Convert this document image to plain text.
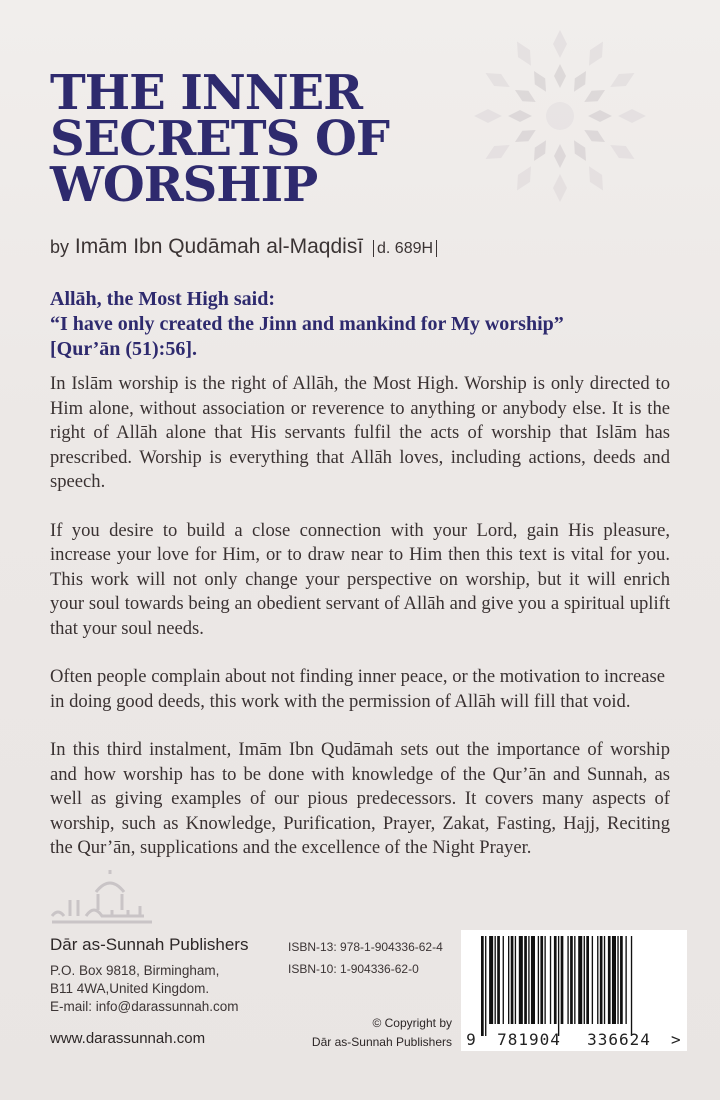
THE INNER
SECRETS OF
WORSHIP
by Imām Ibn Qudāmah al-Maqdisī d. 689H
Allāh, the Most High said:
“I have only created the Jinn and mankind for My worship”
[Qur’ān (51):56].

In Islām worship is the right of Allāh, the Most High. Worship is only directed to Him alone, without association or reverence to anything or anybody else. It is the right of Allāh alone that His servants fulfil the acts of worship that Islām has prescribed. Worship is everything that Allāh loves, including actions, deeds and speech.

If you desire to build a close connection with your Lord, gain His pleasure, increase your love for Him, or to draw near to Him then this text is vital for you. This work will not only change your perspective on worship, but it will enrich your soul towards being an obedient servant of Allāh and give you a spiritual uplift that your soul needs.

Often people complain about not finding inner peace, or the motivation to increase in doing good deeds, this work with the permission of Allāh will fill that void.

In this third instalment, Imām Ibn Qudāmah sets out the importance of worship and how worship has to be done with knowledge of the Qur’ān and Sunnah, as well as giving examples of our pious predecessors. It covers many aspects of worship, such as Knowledge, Purification, Prayer, Zakat, Fasting, Hajj, Reciting the Qur’ān, supplications and the excellence of the Night Prayer.

Dār as-Sunnah Publishers
P.O. Box 9818, Birmingham,
B11 4WA,United Kingdom.
E-mail: info@darassunnah.com
www.darassunnah.com
ISBN-13: 978-1-904336-62-4
ISBN-10: 1-904336-62-0
© Copyright by
Dār as-Sunnah Publishers 9	781904	336624	>
